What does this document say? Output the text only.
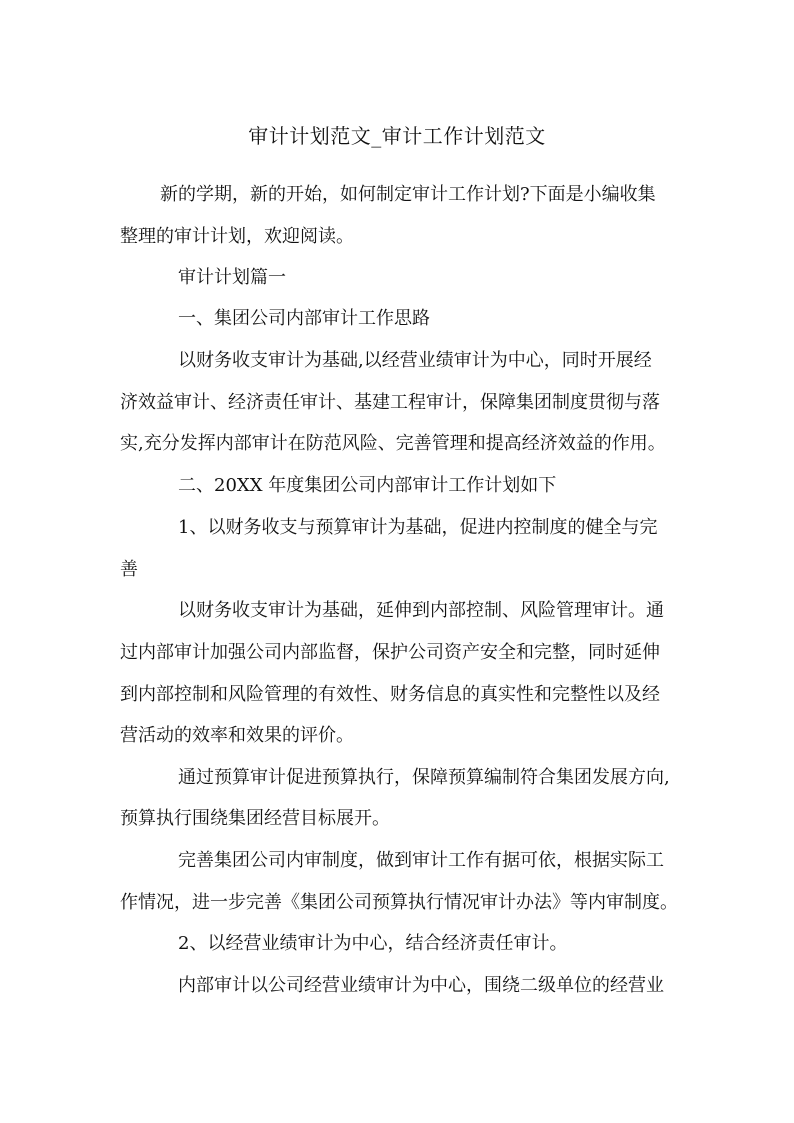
审计计划范文_审计工作计划范文
新的学期，新的开始，如何制定审计工作计划?下面是小编收集
整理的审计计划，欢迎阅读。
审计计划篇一
一、集团公司内部审计工作思路
以财务收支审计为基础,以经营业绩审计为中心，同时开展经
济效益审计、经济责任审计、基建工程审计，保障集团制度贯彻与落
实,充分发挥内部审计在防范风险、完善管理和提高经济效益的作用。
二、20XX 年度集团公司内部审计工作计划如下
1、以财务收支与预算审计为基础，促进内控制度的健全与完
善
以财务收支审计为基础，延伸到内部控制、风险管理审计。通
过内部审计加强公司内部监督，保护公司资产安全和完整，同时延伸
到内部控制和风险管理的有效性、财务信息的真实性和完整性以及经
营活动的效率和效果的评价。
通过预算审计促进预算执行，保障预算编制符合集团发展方向,
预算执行围绕集团经营目标展开。
完善集团公司内审制度，做到审计工作有据可依，根据实际工
作情况，进一步完善《集团公司预算执行情况审计办法》等内审制度。
2、以经营业绩审计为中心，结合经济责任审计。
内部审计以公司经营业绩审计为中心，围绕二级单位的经营业
